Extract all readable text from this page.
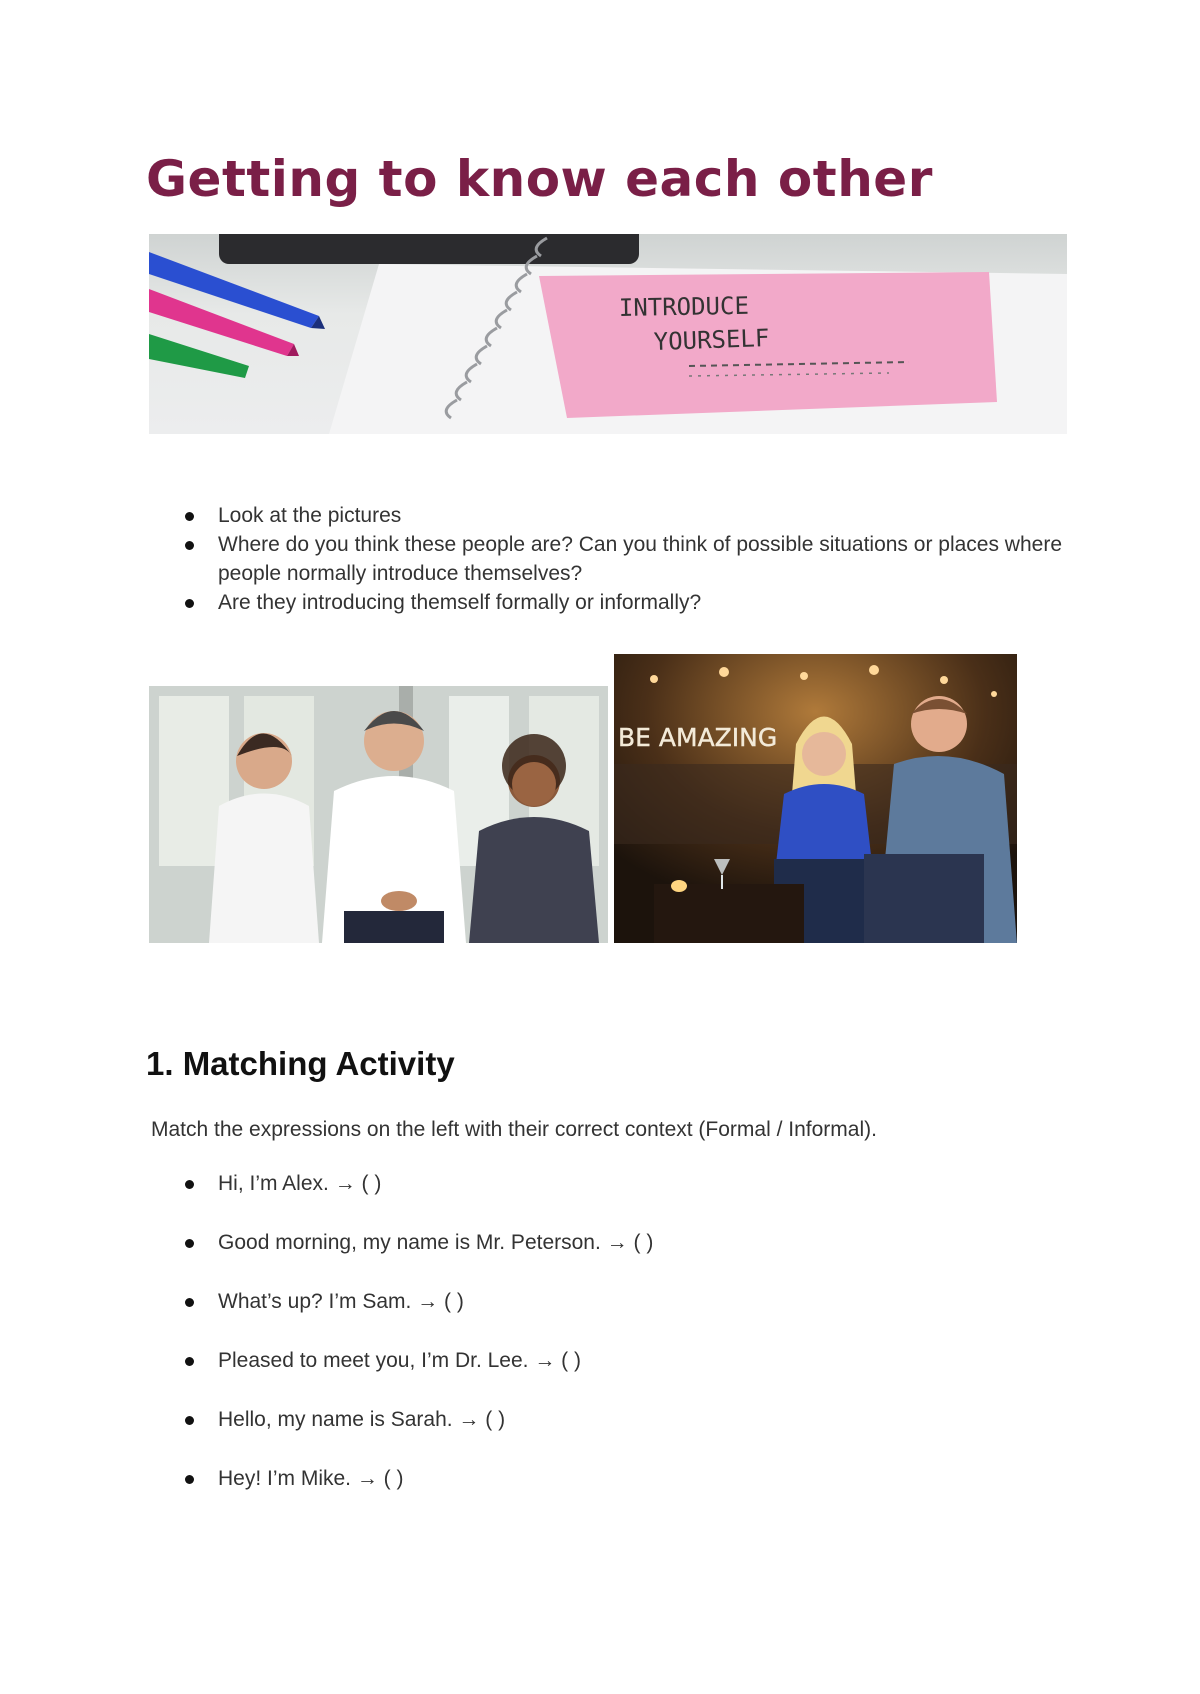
Getting to know each other
INTRODUCE
YOURSELF
Look at the pictures
Where do you think these people are? Can you think of possible situations or places where people normally introduce themselves?
Are they introducing themself formally or informally?
BE AMAZING
1. Matching Activity

Match the expressions on the left with their correct context (Formal / Informal).

Hi, I’m Alex. → ( )
Good morning, my name is Mr. Peterson. → ( )
What’s up? I’m Sam. → ( )
Pleased to meet you, I’m Dr. Lee. → ( )
Hello, my name is Sarah. → ( )
Hey! I’m Mike. → ( )
